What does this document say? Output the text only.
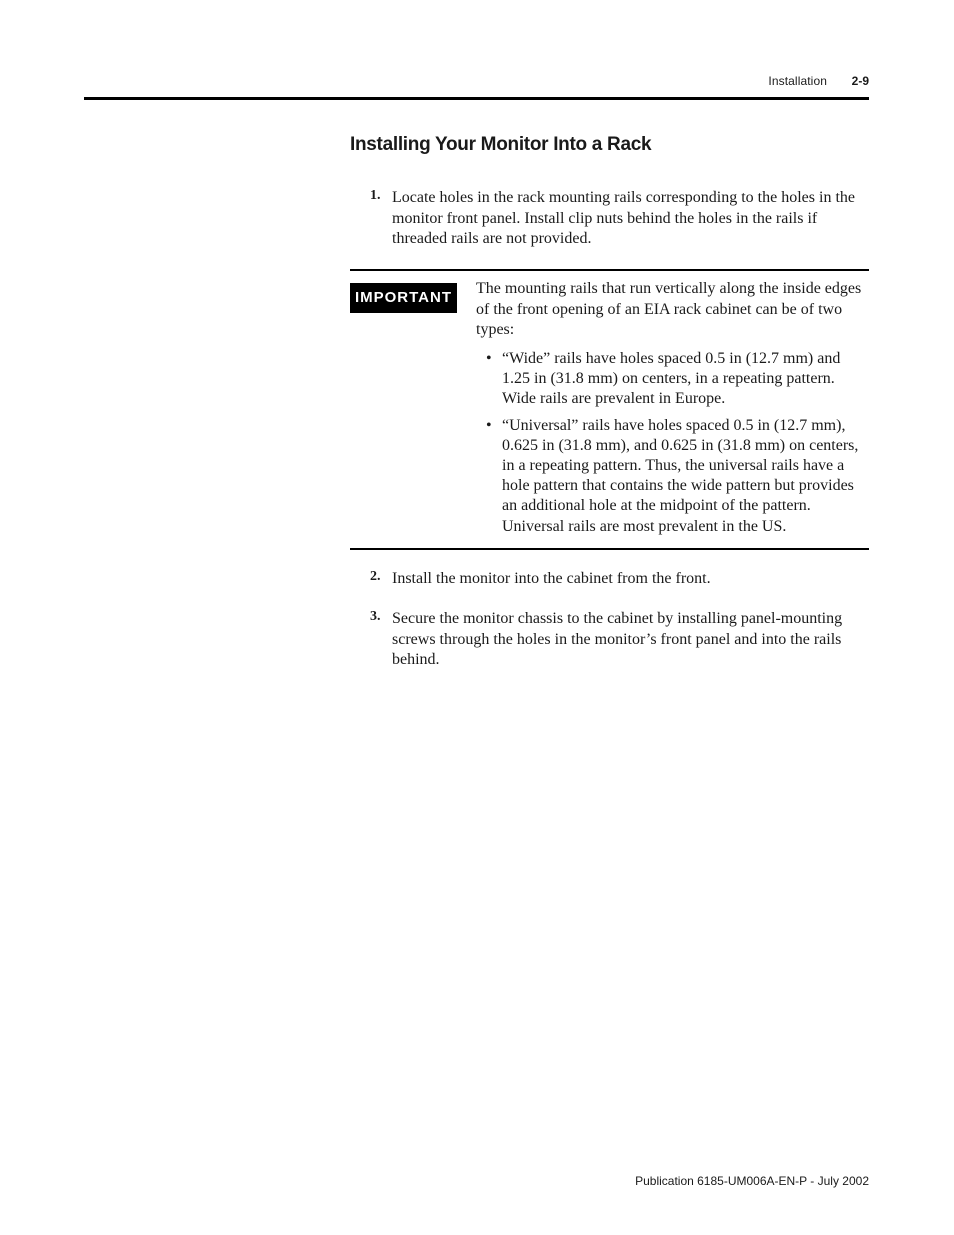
Installation 2-9
Installing Your Monitor Into a Rack
1. Locate holes in the rack mounting rails corresponding to the holes in the monitor front panel. Install clip nuts behind the holes in the rails if threaded rails are not provided.
IMPORTANT
The mounting rails that run vertically along the inside edges of the front opening of an EIA rack cabinet can be of two types:
• “Wide” rails have holes spaced 0.5 in (12.7 mm) and 1.25 in (31.8 mm) on centers, in a repeating pattern. Wide rails are prevalent in Europe.
• “Universal” rails have holes spaced 0.5 in (12.7 mm), 0.625 in (31.8 mm), and 0.625 in (31.8 mm) on centers, in a repeating pattern. Thus, the universal rails have a hole pattern that contains the wide pattern but provides an additional hole at the midpoint of the pattern. Universal rails are most prevalent in the US.
2. Install the monitor into the cabinet from the front.
3. Secure the monitor chassis to the cabinet by installing panel-mounting screws through the holes in the monitor’s front panel and into the rails behind.
Publication 6185-UM006A-EN-P - July 2002
